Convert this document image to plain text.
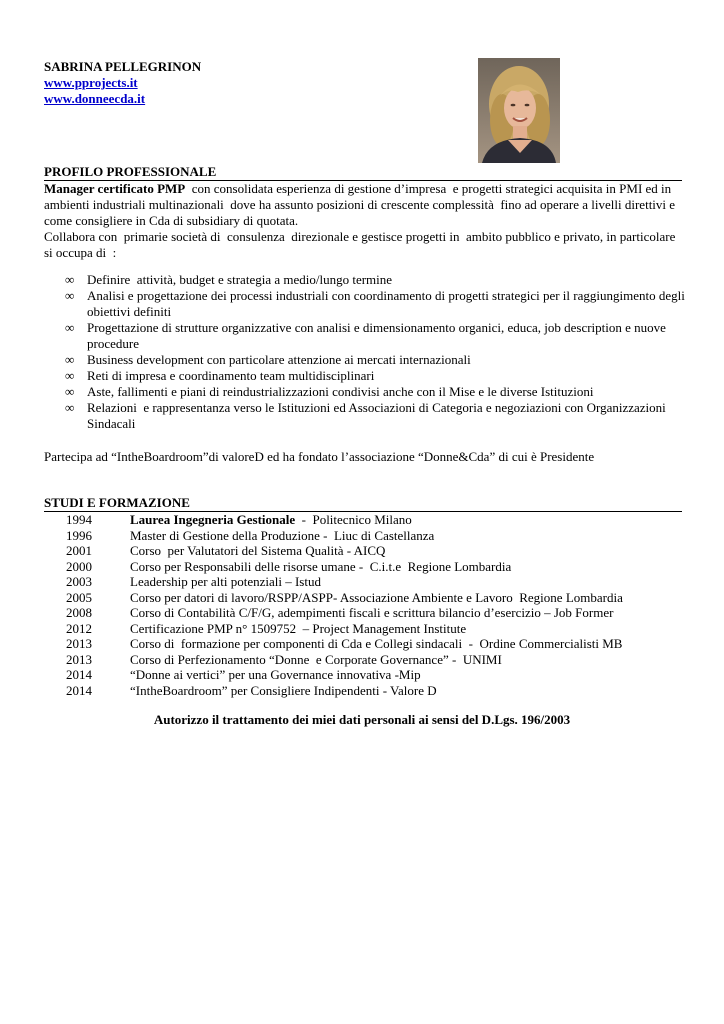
SABRINA PELLEGRINON
www.pprojects.it
www.donneecda.it
PROFILO PROFESSIONALE

Manager certificato PMP  con consolidata esperienza di gestione d’impresa  e progetti strategici acquisita in PMI ed in ambienti industriali multinazionali  dove ha assunto posizioni di crescente complessità  fino ad operare a livelli direttivi e come consigliere in Cda di subsidiary di quotata.

Collabora con  primarie società di  consulenza  direzionale e gestisce progetti in  ambito pubblico e privato, in particolare si occupa di  :

∞ Definire  attività, budget e strategia a medio/lungo termine
∞ Analisi e progettazione dei processi industriali con coordinamento di progetti strategici per il raggiungimento degli obiettivi definiti
∞ Progettazione di strutture organizzative con analisi e dimensionamento organici, educa, job description e nuove procedure
∞ Business development con particolare attenzione ai mercati internazionali
∞ Reti di impresa e coordinamento team multidisciplinari
∞ Aste, fallimenti e piani di reindustrializzazioni condivisi anche con il Mise e le diverse Istituzioni
∞ Relazioni  e rappresentanza verso le Istituzioni ed Associazioni di Categoria e negoziazioni con Organizzazioni Sindacali
Partecipa ad “IntheBoardroom”di valoreD ed ha fondato l’associazione “Donne&Cda” di cui è Presidente
STUDI E FORMAZIONE
1994	Laurea Ingegneria Gestionale  -  Politecnico Milano
1996	Master di Gestione della Produzione -  Liuc di Castellanza
2001	Corso  per Valutatori del Sistema Qualità - AICQ
2000	Corso per Responsabili delle risorse umane -  C.i.t.e  Regione Lombardia
2003	Leadership per alti potenziali – Istud
2005	Corso per datori di lavoro/RSPP/ASPP- Associazione Ambiente e Lavoro  Regione Lombardia
2008	Corso di Contabilità C/F/G, adempimenti fiscali e scrittura bilancio d’esercizio – Job Former
2012	Certificazione PMP n° 1509752  – Project Management Institute
2013	Corso di  formazione per componenti di Cda e Collegi sindacali  -  Ordine Commercialisti MB
2013	Corso di Perfezionamento “Donne  e Corporate Governance” -  UNIMI
2014	“Donne ai vertici” per una Governance innovativa -Mip
2014	“IntheBoardroom” per Consigliere Indipendenti - Valore D
Autorizzo il trattamento dei miei dati personali ai sensi del D.Lgs. 196/2003
